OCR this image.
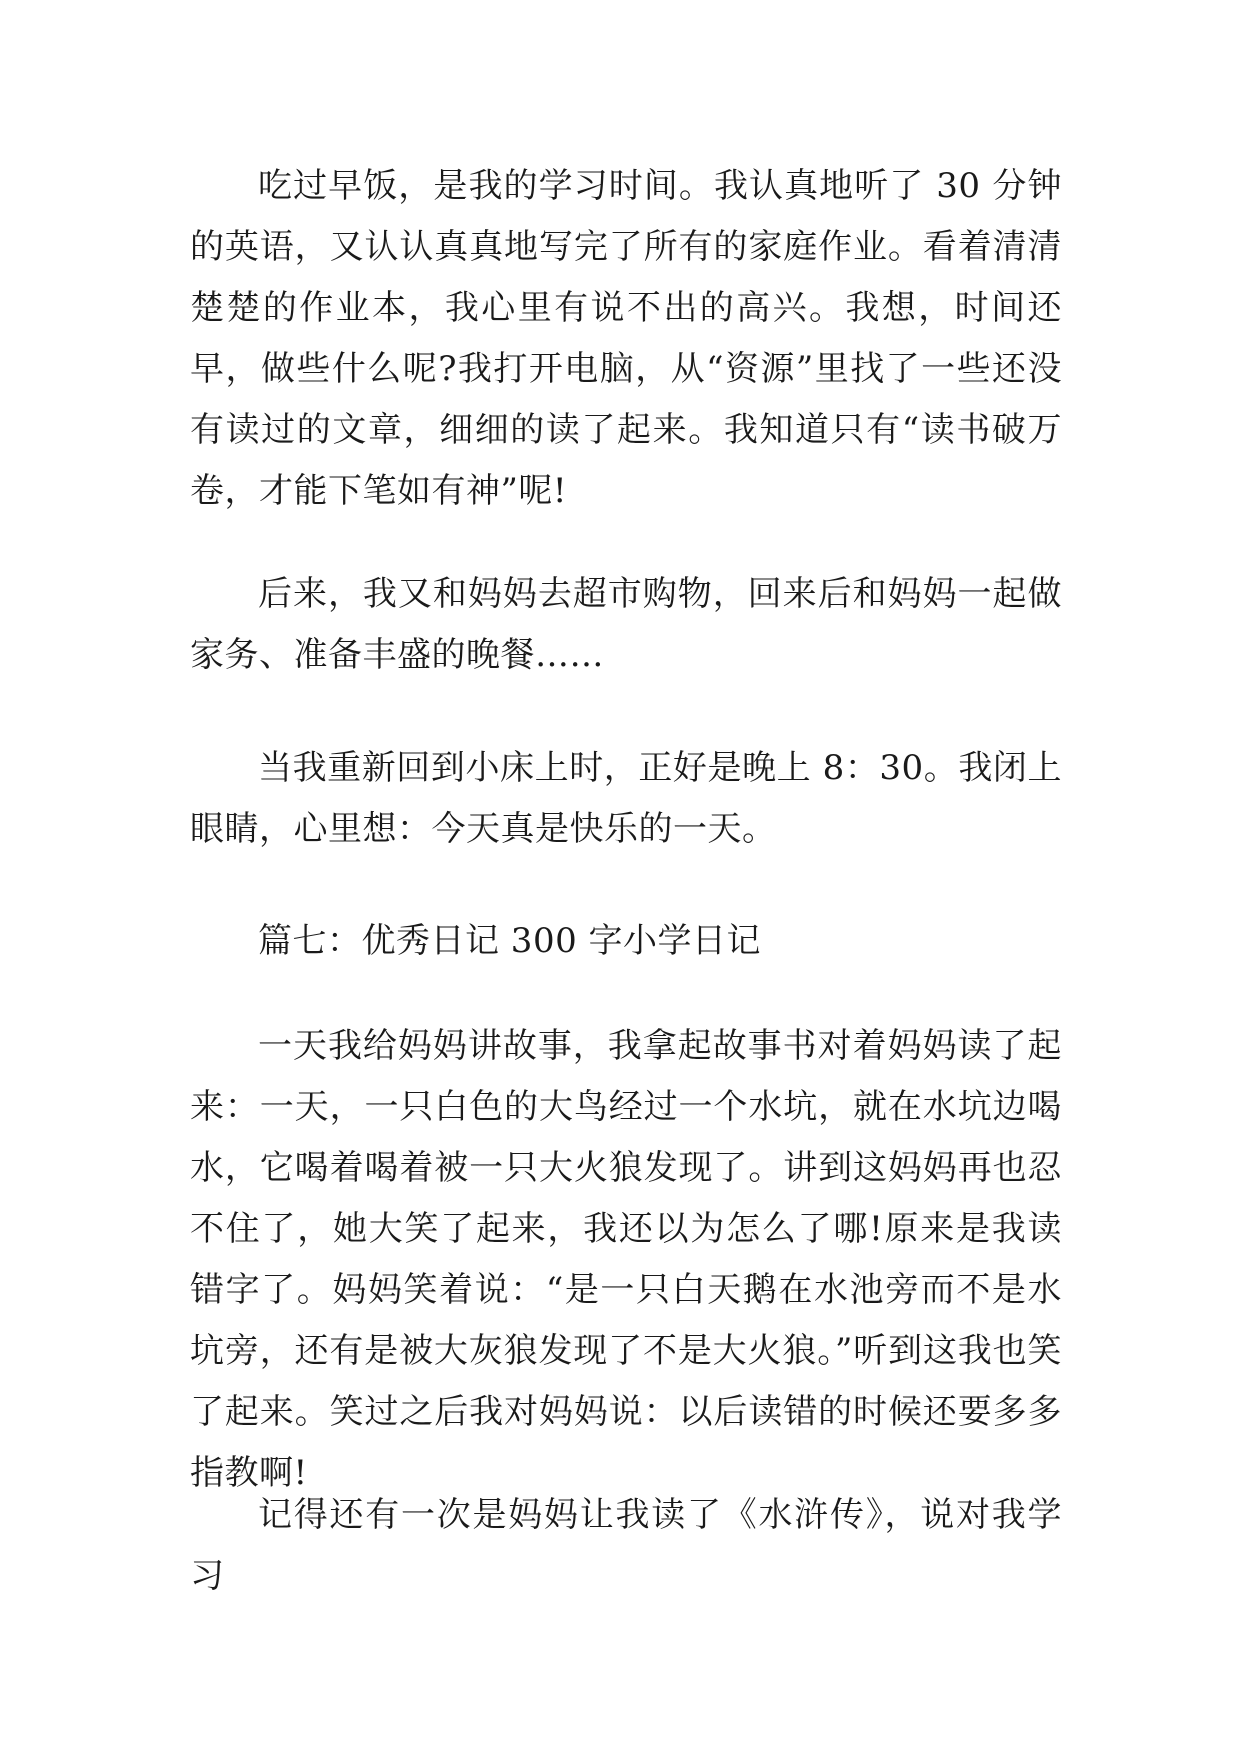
吃过早饭，是我的学习时间。我认真地听了 30 分钟的英语，又认认真真地写完了所有的家庭作业。看着清清楚楚的作业本，我心里有说不出的高兴。我想，时间还早，做些什么呢?我打开电脑，从“资源”里找了一些还没有读过的文章，细细的读了起来。我知道只有“读书破万卷，才能下笔如有神”呢!

后来，我又和妈妈去超市购物，回来后和妈妈一起做家务、准备丰盛的晚餐……

当我重新回到小床上时，正好是晚上 8：30。我闭上眼睛，心里想：今天真是快乐的一天。

篇七：优秀日记 300 字小学日记

一天我给妈妈讲故事，我拿起故事书对着妈妈读了起来：一天，一只白色的大鸟经过一个水坑，就在水坑边喝水，它喝着喝着被一只大火狼发现了。讲到这妈妈再也忍不住了，她大笑了起来，我还以为怎么了哪!原来是我读错字了。妈妈笑着说：“是一只白天鹅在水池旁而不是水坑旁，还有是被大灰狼发现了不是大火狼。”听到这我也笑了起来。笑过之后我对妈妈说：以后读错的时候还要多多指教啊!

记得还有一次是妈妈让我读了《水浒传》，说对我学习
